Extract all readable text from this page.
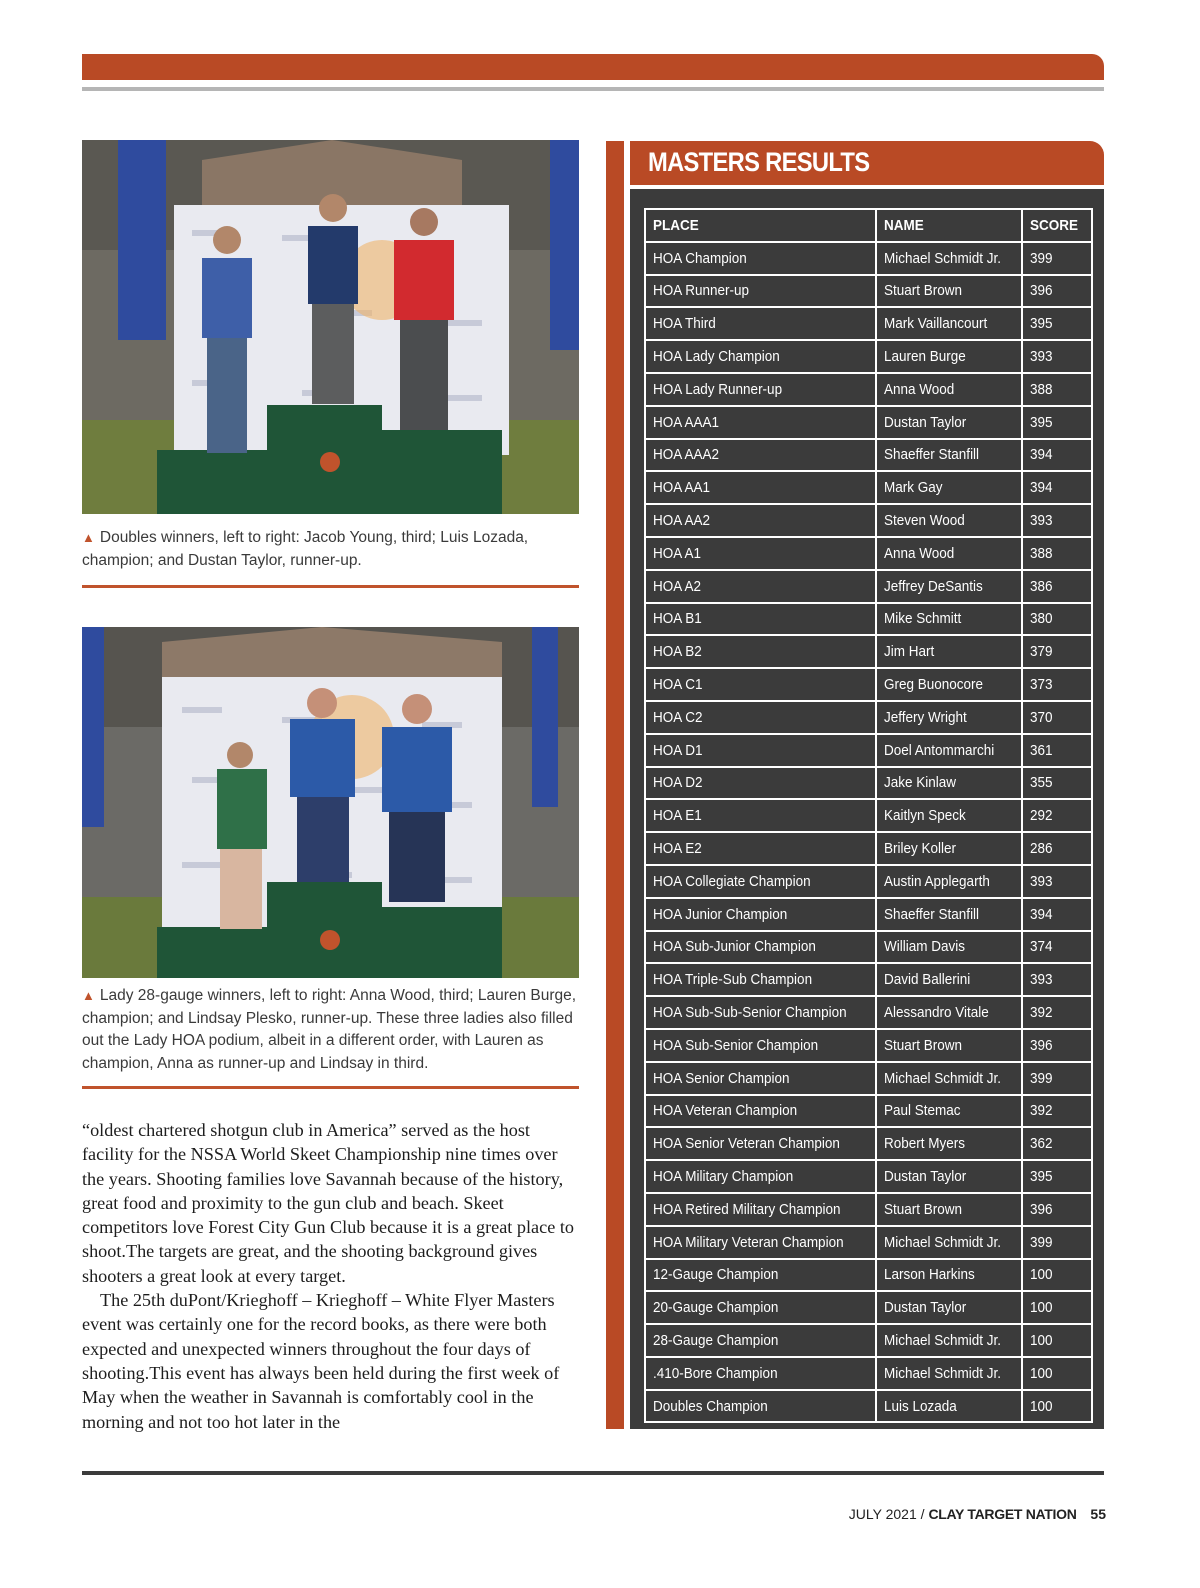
▲ Doubles winners, left to right: Jacob Young, third; Luis Lozada, champion; and Dustan Taylor, runner-up.
▲ Lady 28-gauge winners, left to right: Anna Wood, third; Lauren Burge, champion; and Lindsay Plesko, runner-up. These three ladies also filled out the Lady HOA podium, albeit in a different order, with Lauren as champion, Anna as runner-up and Lindsay in third.

“oldest chartered shotgun club in America” served as the host facility for the NSSA World Skeet Championship nine times over the years. Shooting families love Savannah because of the history, great food and proximity to the gun club and beach. Skeet competitors love Forest City Gun Club because it is a great place to shoot.The targets are great, and the shooting background gives shooters a great look at every target.

The 25th duPont/Krieghoff – Krieghoff – White Flyer Masters event was certainly one for the record books, as there were both expected and unexpected winners throughout the four days of shooting.This event has always been held during the first week of May when the weather in Savannah is comfortably cool in the morning and not too hot later in the

MASTERS RESULTS
PLACE	NAME	SCORE
HOA Champion	Michael Schmidt Jr.	399
HOA Runner-up	Stuart Brown	396
HOA Third	Mark Vaillancourt	395
HOA Lady Champion	Lauren Burge	393
HOA Lady Runner-up	Anna Wood	388
HOA AAA1	Dustan Taylor	395
HOA AAA2	Shaeffer Stanfill	394
HOA AA1	Mark Gay	394
HOA AA2	Steven Wood	393
HOA A1	Anna Wood	388
HOA A2	Jeffrey DeSantis	386
HOA B1	Mike Schmitt	380
HOA B2	Jim Hart	379
HOA C1	Greg Buonocore	373
HOA C2	Jeffery Wright	370
HOA D1	Doel Antommarchi	361
HOA D2	Jake Kinlaw	355
HOA E1	Kaitlyn Speck	292
HOA E2	Briley Koller	286
HOA Collegiate Champion	Austin Applegarth	393
HOA Junior Champion	Shaeffer Stanfill	394
HOA Sub-Junior Champion	William Davis	374
HOA Triple-Sub Champion	David Ballerini	393
HOA Sub-Sub-Senior Champion	Alessandro Vitale	392
HOA Sub-Senior Champion	Stuart Brown	396
HOA Senior Champion	Michael Schmidt Jr.	399
HOA Veteran Champion	Paul Stemac	392
HOA Senior Veteran Champion	Robert Myers	362
HOA Military Champion	Dustan Taylor	395
HOA Retired Military Champion	Stuart Brown	396
HOA Military Veteran Champion	Michael Schmidt Jr.	399
12-Gauge Champion	Larson Harkins	100
20-Gauge Champion	Dustan Taylor	100
28-Gauge Champion	Michael Schmidt Jr.	100
.410-Bore Champion	Michael Schmidt Jr.	100
Doubles Champion	Luis Lozada	100
JULY 2021 / CLAY TARGET NATION 55
